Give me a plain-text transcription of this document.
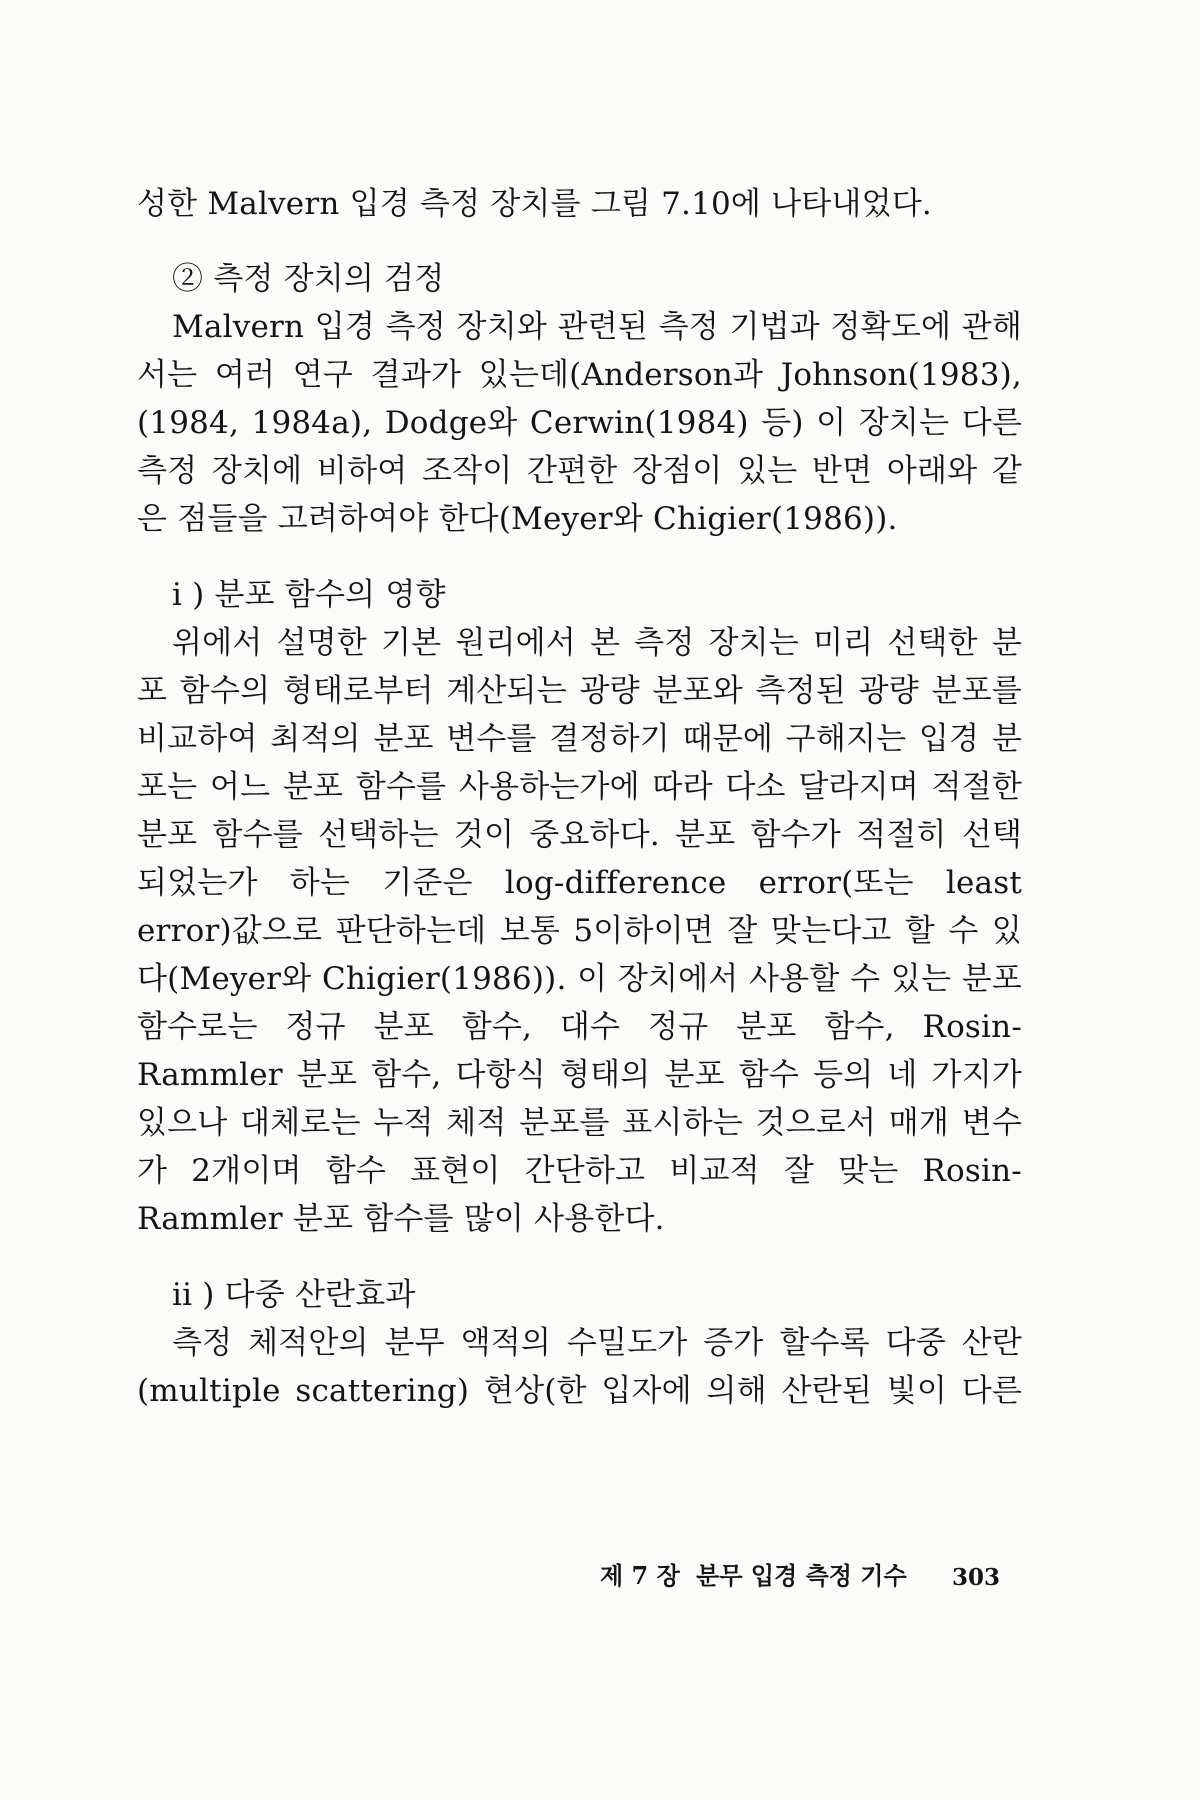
성한 Malvern 입경 측정 장치를 그림 7.10에 나타내었다.
② 측정 장치의 검정
Malvern 입경 측정 장치와 관련된 측정 기법과 정확도에 관해
서는 여러 연구 결과가 있는데(Anderson과 Johnson(1983),
(1984, 1984a), Dodge와 Cerwin(1984) 등) 이 장치는 다른
측정 장치에 비하여 조작이 간편한 장점이 있는 반면 아래와 같
은 점들을 고려하여야 한다(Meyer와 Chigier(1986)).
i ) 분포 함수의 영향
위에서 설명한 기본 원리에서 본 측정 장치는 미리 선택한 분
포 함수의 형태로부터 계산되는 광량 분포와 측정된 광량 분포를
비교하여 최적의 분포 변수를 결정하기 때문에 구해지는 입경 분
포는 어느 분포 함수를 사용하는가에 따라 다소 달라지며 적절한
분포 함수를 선택하는 것이 중요하다. 분포 함수가 적절히 선택
되었는가 하는 기준은 log-difference error(또는 least
error)값으로 판단하는데 보통 5이하이면 잘 맞는다고 할 수 있
다(Meyer와 Chigier(1986)). 이 장치에서 사용할 수 있는 분포
함수로는 정규 분포 함수, 대수 정규 분포 함수, Rosin-
Rammler 분포 함수, 다항식 형태의 분포 함수 등의 네 가지가
있으나 대체로는 누적 체적 분포를 표시하는 것으로서 매개 변수
가 2개이며 함수 표현이 간단하고 비교적 잘 맞는 Rosin-
Rammler 분포 함수를 많이 사용한다.
ii ) 다중 산란효과
측정 체적안의 분무 액적의 수밀도가 증가 할수록 다중 산란
(multiple scattering) 현상(한 입자에 의해 산란된 빛이 다른
제 7 장 분무 입경 측정 기수	303
